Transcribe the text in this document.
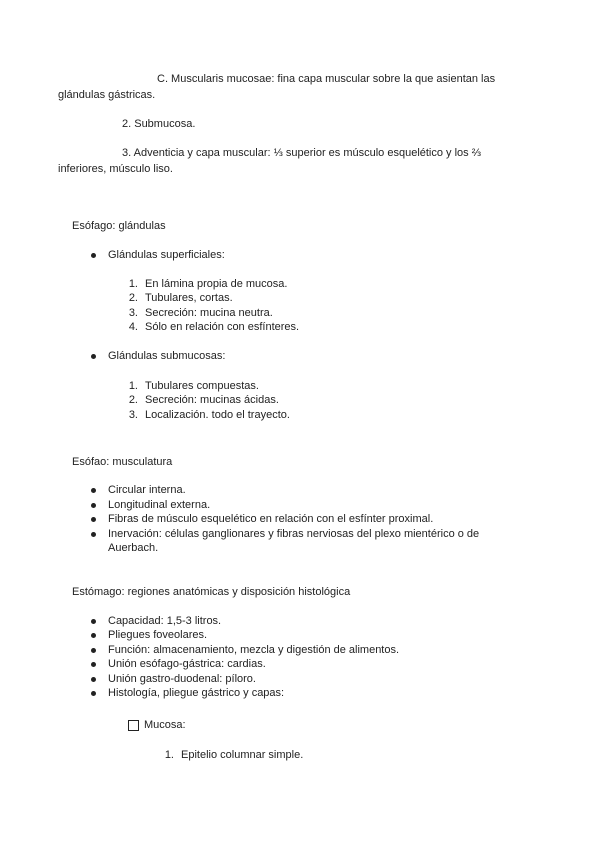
C. Muscularis mucosae: fina capa muscular sobre la que asientan las
glándulas gástricas.
2. Submucosa.
3. Adventicia y capa muscular: ⅓ superior es músculo esquelético y los ⅔
inferiores, músculo liso.
Esófago: glándulas
Glándulas superficiales:
1. En lámina propia de mucosa.
2. Tubulares, cortas.
3. Secreción: mucina neutra.
4. Sólo en relación con esfínteres.
Glándulas submucosas:
1. Tubulares compuestas.
2. Secreción: mucinas ácidas.
3. Localización. todo el trayecto.
Esófao: musculatura
Circular interna.
Longitudinal externa.
Fibras de músculo esquelético en relación con el esfínter proximal.
Inervación: células ganglionares y fibras nerviosas del plexo mientérico o de
Auerbach.
Estómago: regiones anatómicas y disposición histológica
Capacidad: 1,5-3 litros.
Pliegues foveolares.
Función: almacenamiento, mezcla y digestión de alimentos.
Unión esófago-gástrica: cardias.
Unión gastro-duodenal: píloro.
Histología, pliegue gástrico y capas:
Mucosa:
1. Epitelio columnar simple.
